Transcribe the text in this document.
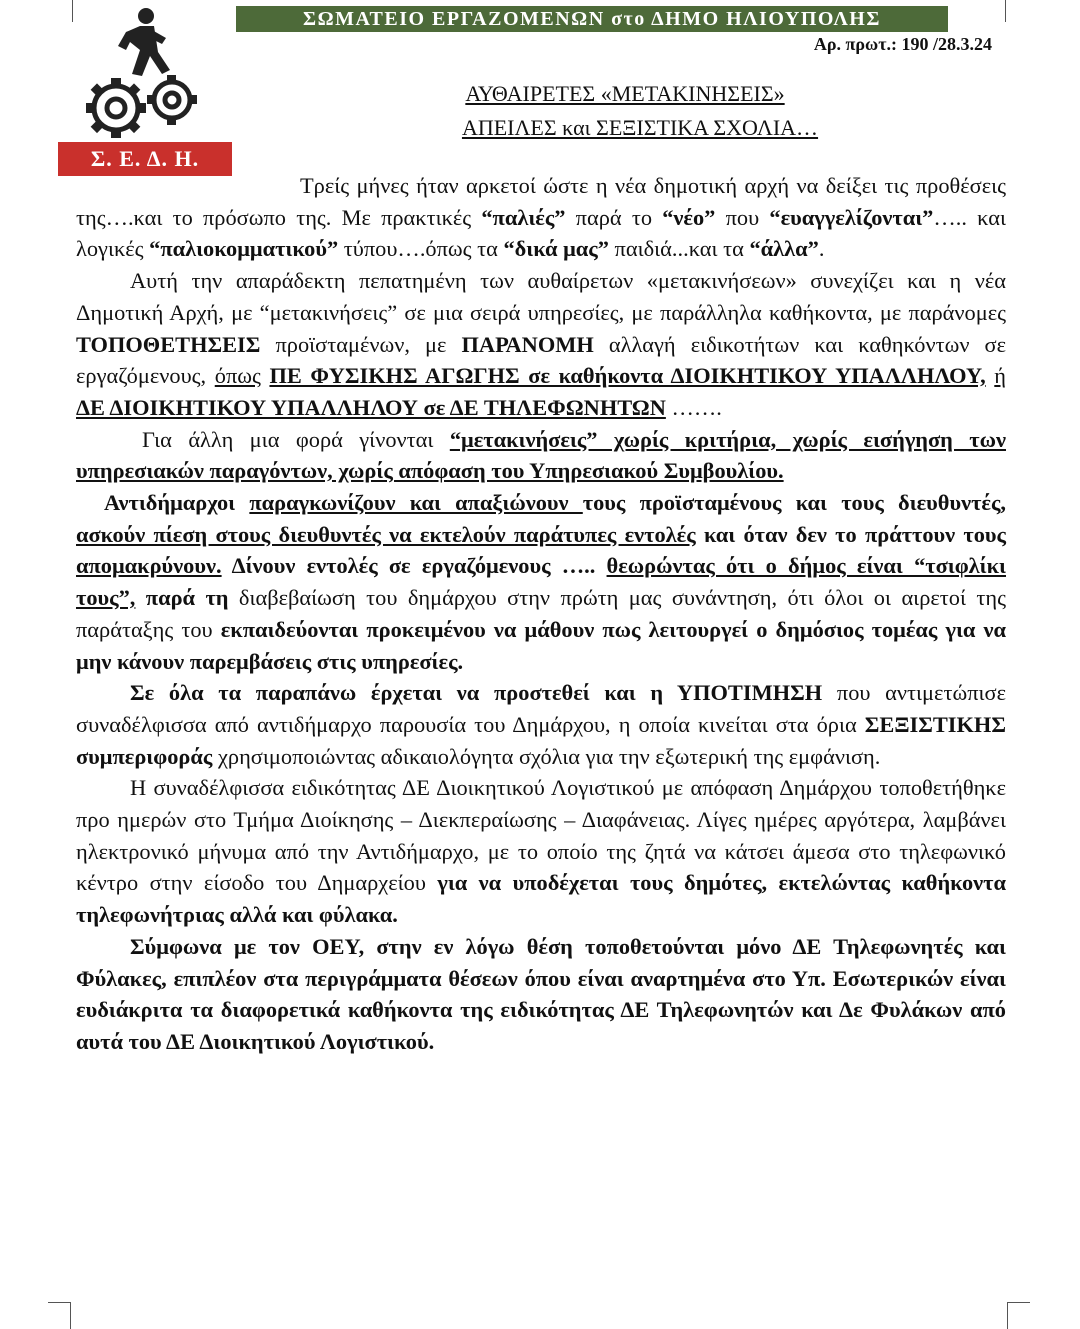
Σ. Ε. Δ. Η.
ΣΩΜΑΤΕΙΟ ΕΡΓΑΖΟΜΕΝΩΝ στο ΔΗΜΟ ΗΛΙΟΥΠΟΛΗΣ
Αρ. πρωτ.: 190 /28.3.24
ΑΥΘΑΙΡΕΤΕΣ «ΜΕΤΑΚΙΝΗΣΕΙΣ»
ΑΠΕΙΛΕΣ και ΣΕΞΙΣΤΙΚΑ ΣΧΟΛΙΑ…

Τρείς μήνες ήταν αρκετοί ώστε η νέα δημοτική αρχή να δείξει τις προθέσεις της….και το πρόσωπο της. Με πρακτικές “παλιές” παρά το “νέο” που “ευαγγελίζονται”….. και λογικές “παλιοκομματικού” τύπου….όπως τα “δικά μας” παιδιά...και τα “άλλα”.

Αυτή την απαράδεκτη πεπατημένη των αυθαίρετων «μετακινήσεων» συνεχίζει και η νέα Δημοτική Αρχή, με “μετακινήσεις” σε μια σειρά υπηρεσίες, με παράλληλα καθήκοντα, με παράνομες ΤΟΠΟΘΕΤΗΣΕΙΣ προϊσταμένων, με ΠΑΡΑΝΟΜΗ αλλαγή ειδικοτήτων και καθηκόντων σε εργαζόμενους, όπως ΠΕ ΦΥΣΙΚΗΣ ΑΓΩΓΗΣ σε καθήκοντα ΔΙΟΙΚΗΤΙΚΟΥ ΥΠΑΛΛΗΛΟΥ, ή ΔΕ ΔΙΟΙΚΗΤΙΚΟΥ ΥΠΑΛΛΗΛΟΥ σε ΔΕ ΤΗΛΕΦΩΝΗΤΩΝ …….

Για άλλη μια φορά γίνονται “μετακινήσεις” χωρίς κριτήρια, χωρίς εισήγηση των υπηρεσιακών παραγόντων, χωρίς απόφαση του Υπηρεσιακού Συμβουλίου.

Αντιδήμαρχοι παραγκωνίζουν και απαξιώνουν τους προϊσταμένους και τους διευθυντές, ασκούν πίεση στους διευθυντές να εκτελούν παράτυπες εντολές και όταν δεν το πράττουν τους απομακρύνουν. Δίνουν εντολές σε εργαζόμενους ….. θεωρώντας ότι ο δήμος είναι “τσιφλίκι τους”, παρά τη διαβεβαίωση του δημάρχου στην πρώτη μας συνάντηση, ότι όλοι οι αιρετοί της παράταξης του εκπαιδεύονται προκειμένου να μάθουν πως λειτουργεί ο δημόσιος τομέας για να μην κάνουν παρεμβάσεις στις υπηρεσίες.

Σε όλα τα παραπάνω έρχεται να προστεθεί και η ΥΠΟΤΙΜΗΣΗ που αντιμετώπισε συναδέλφισσα από αντιδήμαρχο παρουσία του Δημάρχου, η οποία κινείται στα όρια ΣΕΞΙΣΤΙΚΗΣ συμπεριφοράς χρησιμοποιώντας αδικαιολόγητα σχόλια για την εξωτερική της εμφάνιση.

Η συναδέλφισσα ειδικότητας ΔΕ Διοικητικού Λογιστικού με απόφαση Δημάρχου τοποθετήθηκε προ ημερών στο Τμήμα Διοίκησης – Διεκπεραίωσης – Διαφάνειας. Λίγες ημέρες αργότερα, λαμβάνει ηλεκτρονικό μήνυμα από την Αντιδήμαρχο, με το οποίο της ζητά να κάτσει άμεσα στο τηλεφωνικό κέντρο στην είσοδο του Δημαρχείου για να υποδέχεται τους δημότες, εκτελώντας καθήκοντα τηλεφωνήτριας αλλά και φύλακα.

Σύμφωνα με τον ΟΕΥ, στην εν λόγω θέση τοποθετούνται μόνο ΔΕ Τηλεφωνητές και Φύλακες, επιπλέον στα περιγράμματα θέσεων όπου είναι αναρτημένα στο Υπ. Εσωτερικών είναι ευδιάκριτα τα διαφορετικά καθήκοντα της ειδικότητας ΔΕ Τηλεφωνητών και Δε Φυλάκων από αυτά του ΔΕ Διοικητικού Λογιστικού.
